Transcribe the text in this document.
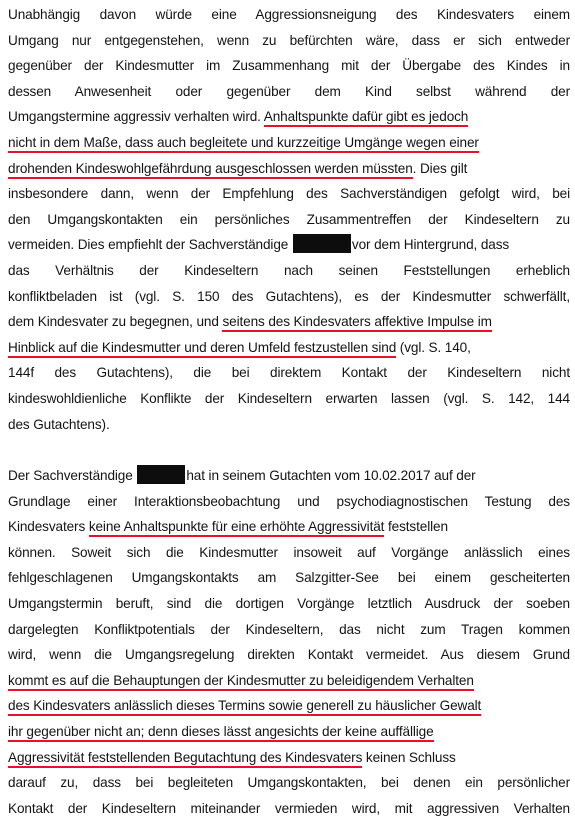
Unabhängig davon würde eine Aggressionsneigung des Kindesvaters einem
Umgang nur entgegenstehen, wenn zu befürchten wäre, dass er sich entweder
gegenüber der Kindesmutter im Zusammenhang mit der Übergabe des Kindes in
dessen Anwesenheit oder gegenüber dem Kind selbst während der
Umgangstermine aggressiv verhalten wird. Anhaltspunkte dafür gibt es jedoch
nicht in dem Maße, dass auch begleitete und kurzzeitige Umgänge wegen einer
drohenden Kindeswohlgefährdung ausgeschlossen werden müssten. Dies gilt
insbesondere dann, wenn der Empfehlung des Sachverständigen gefolgt wird, bei
den Umgangskontakten ein persönliches Zusammentreffen der Kindeseltern zu
vermeiden. Dies empfiehlt der Sachverständige	vor dem Hintergrund, dass
das Verhältnis der Kindeseltern nach seinen Feststellungen erheblich
konfliktbeladen ist (vgl. S. 150 des Gutachtens), es der Kindesmutter schwerfällt,
dem Kindesvater zu begegnen, und seitens des Kindesvaters affektive Impulse im
Hinblick auf die Kindesmutter und deren Umfeld festzustellen sind (vgl. S. 140,
144f des Gutachtens), die bei direktem Kontakt der Kindeseltern nicht
kindeswohldienliche Konflikte der Kindeseltern erwarten lassen (vgl. S. 142, 144
des Gutachtens).
Der Sachverständige	hat in seinem Gutachten vom 10.02.2017 auf der
Grundlage einer Interaktionsbeobachtung und psychodiagnostischen Testung des
Kindesvaters keine Anhaltspunkte für eine erhöhte Aggressivität feststellen
können. Soweit sich die Kindesmutter insoweit auf Vorgänge anlässlich eines
fehlgeschlagenen Umgangskontakts am Salzgitter-See bei einem gescheiterten
Umgangstermin beruft, sind die dortigen Vorgänge letztlich Ausdruck der soeben
dargelegten Konfliktpotentials der Kindeseltern, das nicht zum Tragen kommen
wird, wenn die Umgangsregelung direkten Kontakt vermeidet. Aus diesem Grund
kommt es auf die Behauptungen der Kindesmutter zu beleidigendem Verhalten
des Kindesvaters anlässlich dieses Termins sowie generell zu häuslicher Gewalt
ihr gegenüber nicht an; denn dieses lässt angesichts der keine auffällige
Aggressivität feststellenden Begutachtung des Kindesvaters keinen Schluss
darauf zu, dass bei begleiteten Umgangskontakten, bei denen ein persönlicher
Kontakt der Kindeseltern miteinander vermieden wird, mit aggressiven Verhalten
